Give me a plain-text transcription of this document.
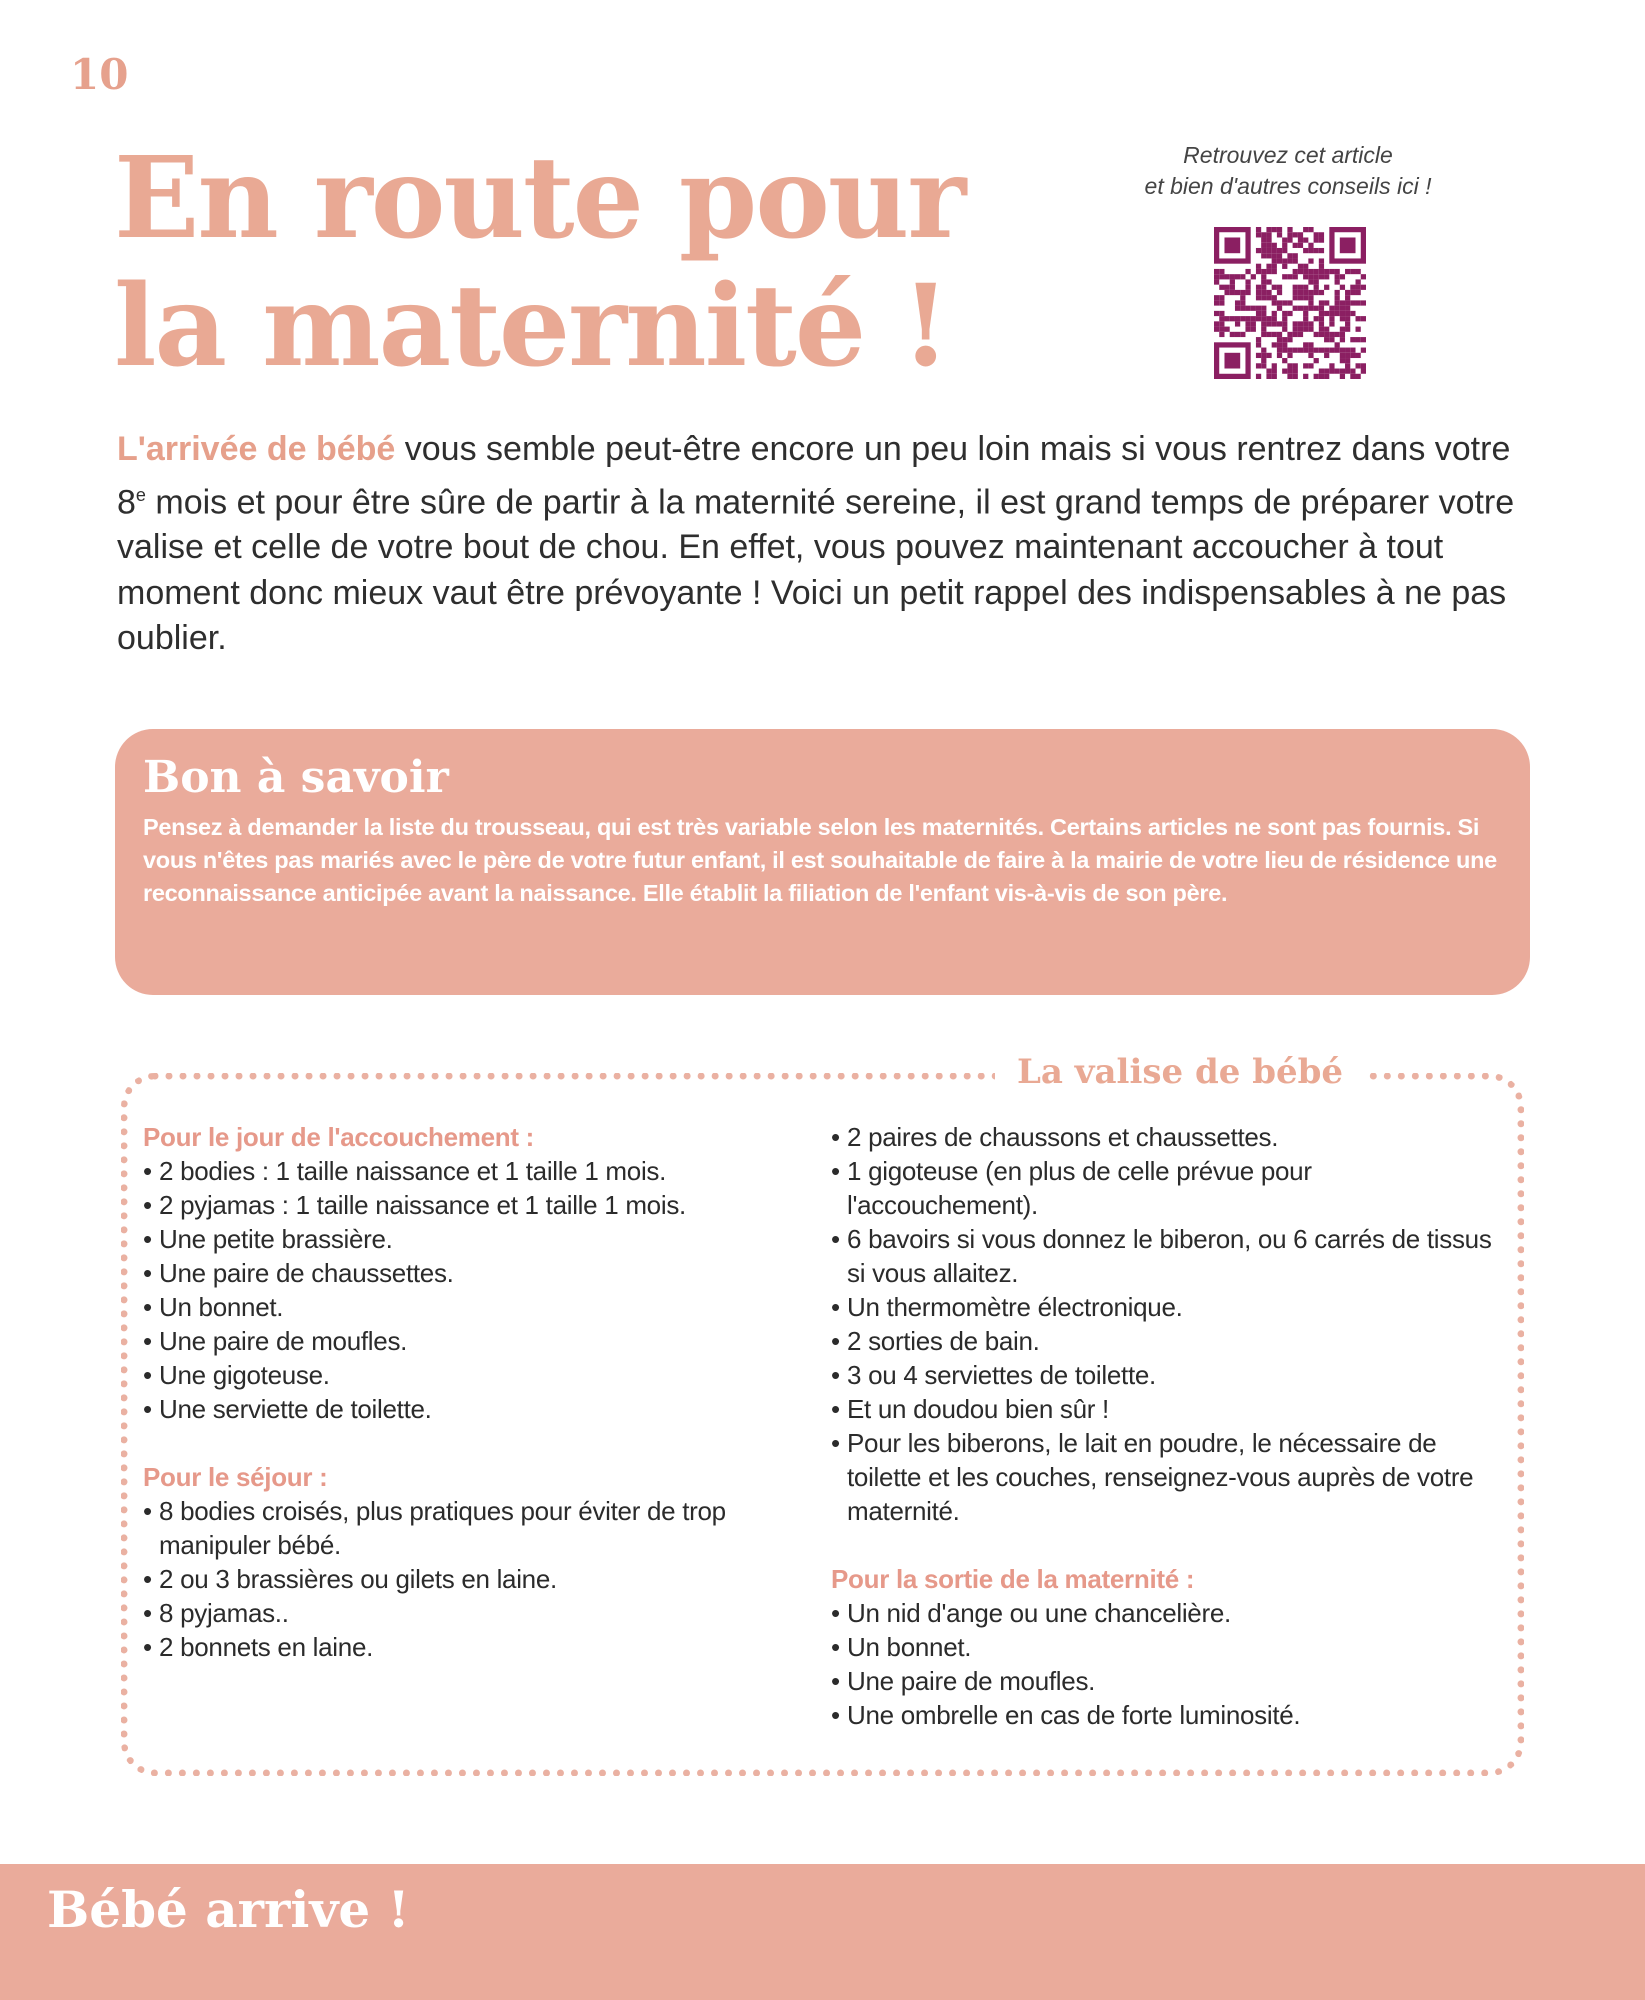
10
En route pour
la maternité !
Retrouvez cet article
et bien d'autres conseils ici !

L'arrivée de bébé vous semble peut-être encore un peu loin mais si vous rentrez dans votre 8e mois et pour être sûre de partir à la maternité sereine, il est grand temps de préparer votre valise et celle de votre bout de chou. En effet, vous pouvez maintenant accoucher à tout moment donc mieux vaut être prévoyante ! Voici un petit rappel des indispensables à ne pas oublier.

Bon à savoir

Pensez à demander la liste du trousseau, qui est très variable selon les maternités. Certains articles ne sont pas fournis. Si vous n'êtes pas mariés avec le père de votre futur enfant, il est souhaitable de faire à la mairie de votre lieu de résidence une reconnaissance anticipée avant la naissance. Elle établit la filiation de l'enfant vis-à-vis de son père.

La valise de bébé
Pour le jour de l'accouchement :
• 2 bodies : 1 taille naissance et 1 taille 1 mois.
• 2 pyjamas : 1 taille naissance et 1 taille 1 mois.
• Une petite brassière.
• Une paire de chaussettes.
• Un bonnet.
• Une paire de moufles.
• Une gigoteuse.
• Une serviette de toilette.
Pour le séjour :
• 8 bodies croisés, plus pratiques pour éviter de trop manipuler bébé.
• 2 ou 3 brassières ou gilets en laine.
• 8 pyjamas..
• 2 bonnets en laine.
• 2 paires de chaussons et chaussettes.
• 1 gigoteuse (en plus de celle prévue pour l'accouchement).
• 6 bavoirs si vous donnez le biberon, ou 6 carrés de tissus si vous allaitez.
• Un thermomètre électronique.
• 2 sorties de bain.
• 3 ou 4 serviettes de toilette.
• Et un doudou bien sûr !
• Pour les biberons, le lait en poudre, le nécessaire de toilette et les couches, renseignez-vous auprès de votre maternité.
Pour la sortie de la maternité :
• Un nid d'ange ou une chancelière.
• Un bonnet.
• Une paire de moufles.
• Une ombrelle en cas de forte luminosité.
Bébé arrive !
